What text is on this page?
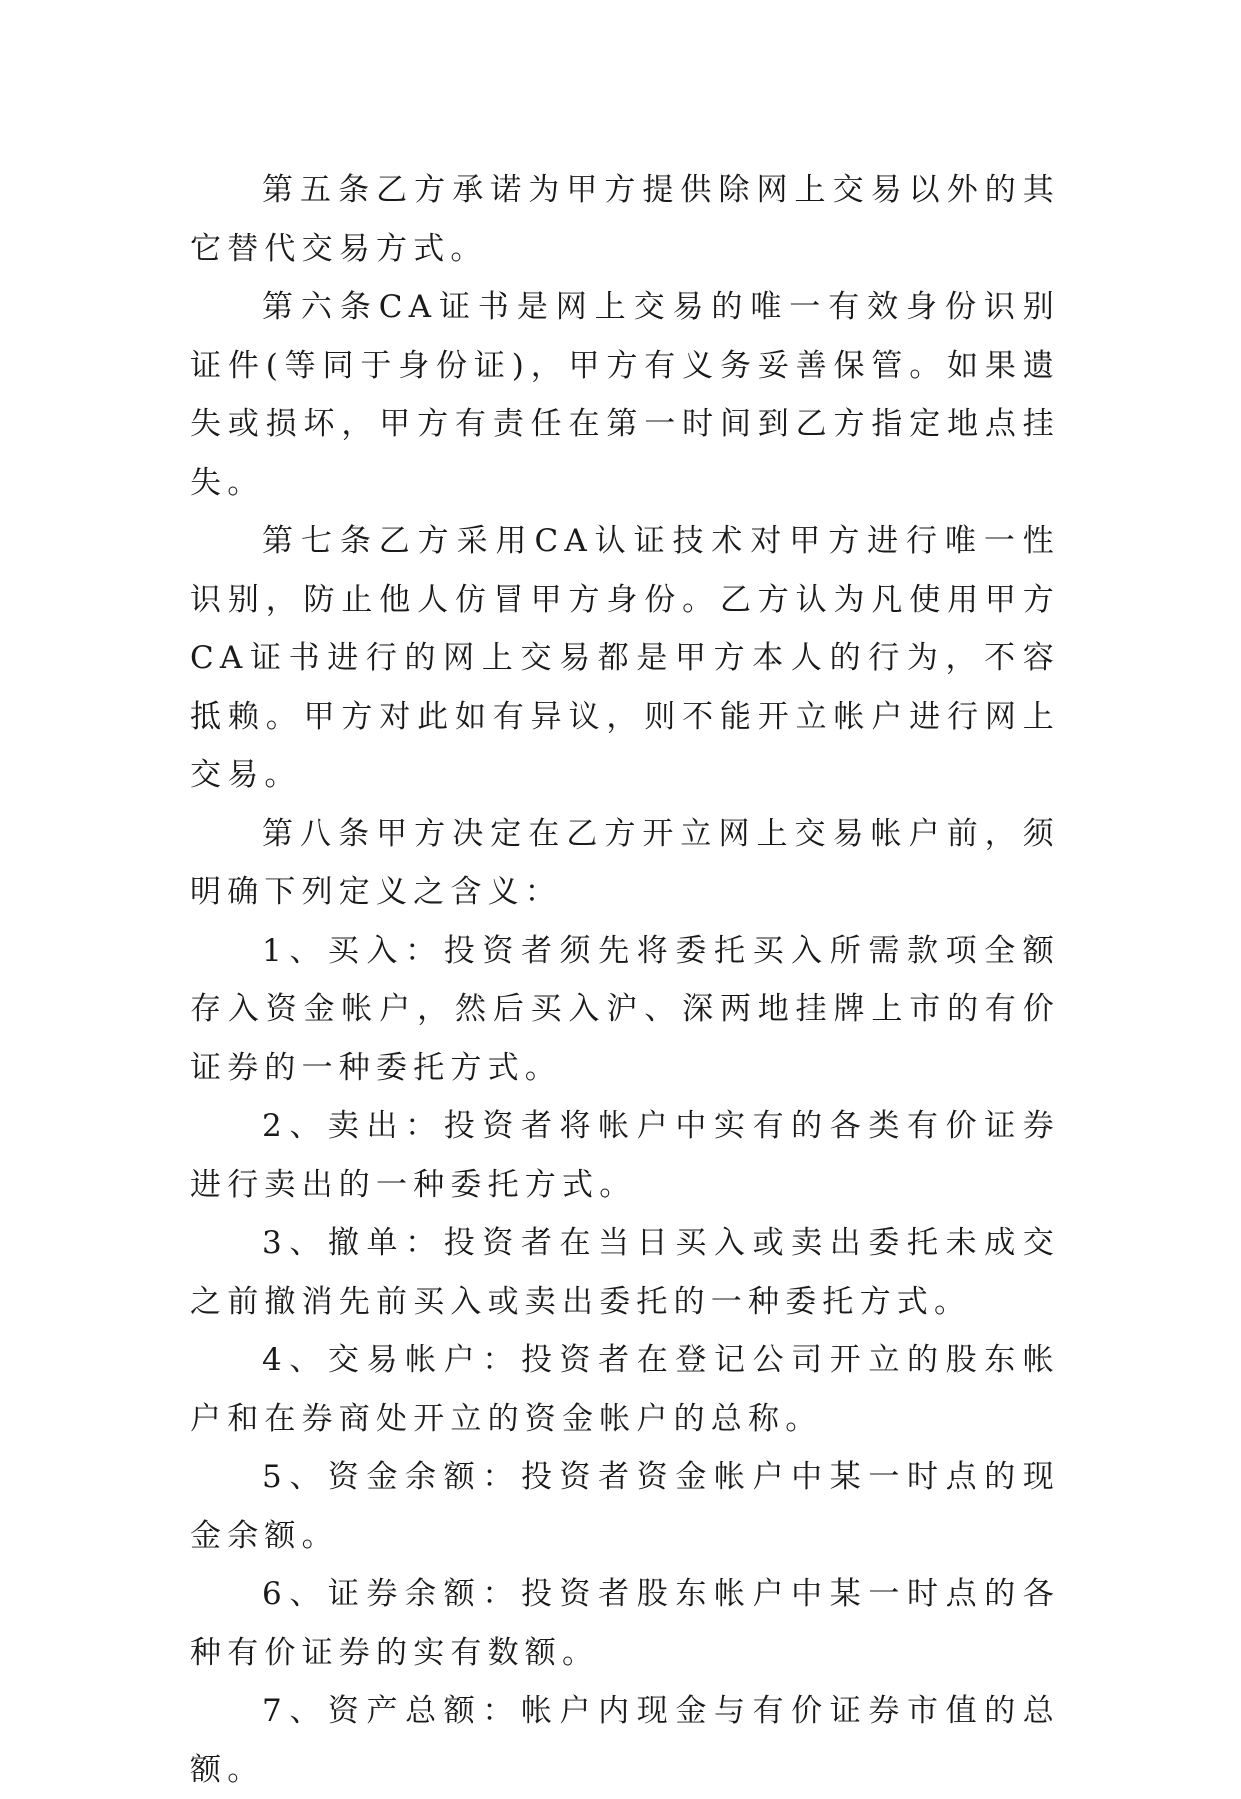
第五条乙方承诺为甲方提供除网上交易以外的其它替代交易方式。

第六条CA证书是网上交易的唯一有效身份识别证件(等同于身份证)，甲方有义务妥善保管。如果遗失或损坏，甲方有责任在第一时间到乙方指定地点挂失。

第七条乙方采用CA认证技术对甲方进行唯一性识别，防止他人仿冒甲方身份。乙方认为凡使用甲方CA证书进行的网上交易都是甲方本人的行为，不容抵赖。甲方对此如有异议，则不能开立帐户进行网上交易。

第八条甲方决定在乙方开立网上交易帐户前，须明确下列定义之含义：

1、买入：投资者须先将委托买入所需款项全额存入资金帐户，然后买入沪、深两地挂牌上市的有价证券的一种委托方式。

2、卖出：投资者将帐户中实有的各类有价证券进行卖出的一种委托方式。

3、撤单：投资者在当日买入或卖出委托未成交之前撤消先前买入或卖出委托的一种委托方式。

4、交易帐户：投资者在登记公司开立的股东帐户和在券商处开立的资金帐户的总称。

5、资金余额：投资者资金帐户中某一时点的现金余额。

6、证券余额：投资者股东帐户中某一时点的各种有价证券的实有数额。

7、资产总额：帐户内现金与有价证券市值的总额。
